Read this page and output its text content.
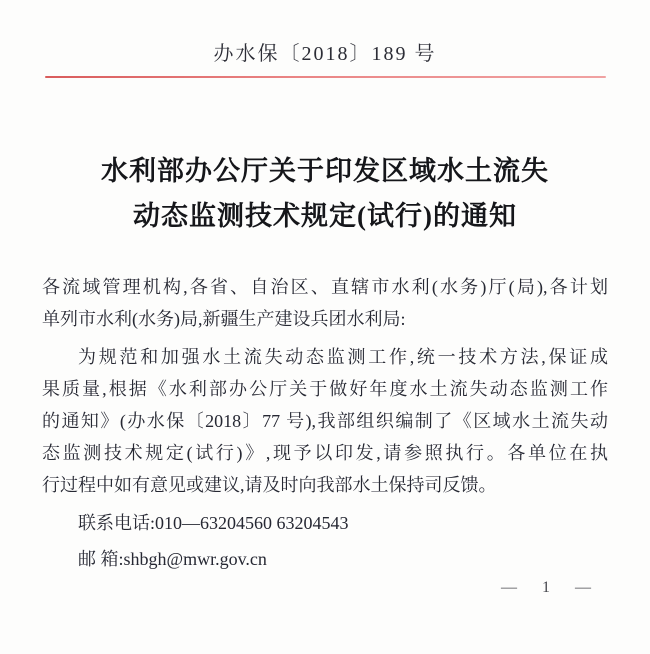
办水保〔2018〕189 号
水利部办公厅关于印发区域水土流失
动态监测技术规定(试行)的通知
各流域管理机构,各省、自治区、直辖市水利(水务)厅(局),各计划
单列市水利(水务)局,新疆生产建设兵团水利局:
为规范和加强水土流失动态监测工作,统一技术方法,保证成
果质量,根据《水利部办公厅关于做好年度水土流失动态监测工作
的通知》(办水保〔2018〕77 号),我部组织编制了《区域水土流失动
态监测技术规定(试行)》,现予以印发,请参照执行。各单位在执
行过程中如有意见或建议,请及时向我部水土保持司反馈。
联系电话:010—63204560 63204543
邮 箱:shbgh@mwr.gov.cn
— 1 —
